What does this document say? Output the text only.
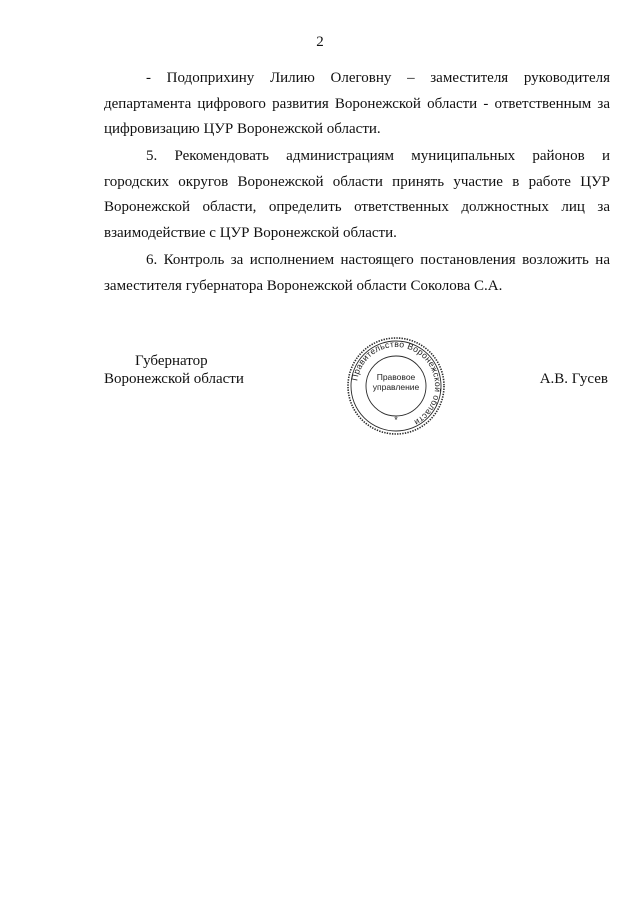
2

- Подоприхину Лилию Олеговну – заместителя руководителя департамента цифрового развития Воронежской области - ответственным за цифровизацию ЦУР Воронежской области.

5. Рекомендовать администрациям муниципальных районов и городских округов Воронежской области принять участие в работе ЦУР Воронежской области, определить ответственных должностных лиц за взаимодействие с ЦУР Воронежской области.

6. Контроль за исполнением настоящего постановления возложить на заместителя губернатора Воронежской области Соколова С.А.

Губернатор
Воронежской области	Правительство Воронежской области
*
Правовое
управление	А.В. Гусев
